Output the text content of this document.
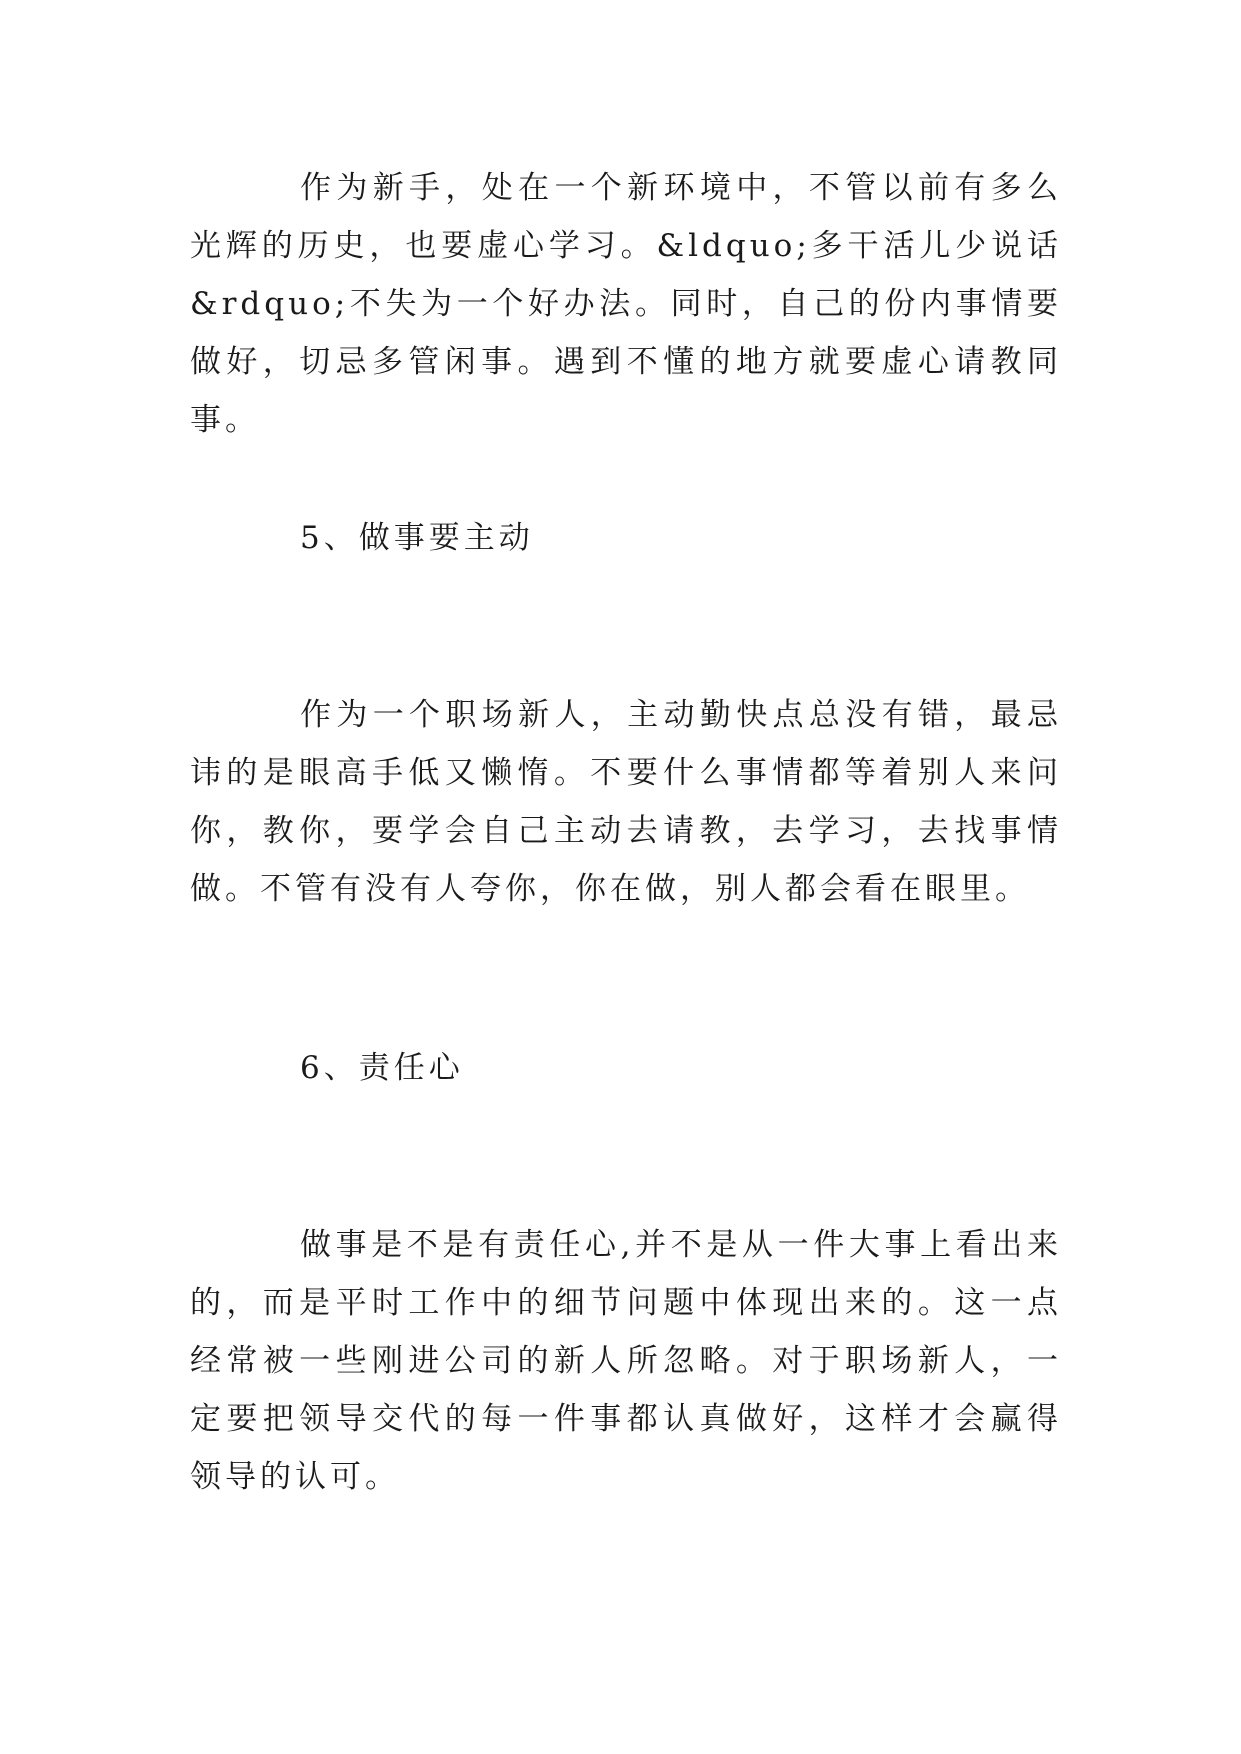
作为新手，处在一个新环境中，不管以前有多么光辉的历史，也要虚心学习。&ldquo;多干活儿少说话&rdquo;不失为一个好办法。同时，自己的份内事情要做好，切忌多管闲事。遇到不懂的地方就要虚心请教同事。

5、做事要主动

作为一个职场新人，主动勤快点总没有错，最忌讳的是眼高手低又懒惰。不要什么事情都等着别人来问你，教你，要学会自己主动去请教，去学习，去找事情做。不管有没有人夸你，你在做，别人都会看在眼里。

6、责任心

做事是不是有责任心,并不是从一件大事上看出来的，而是平时工作中的细节问题中体现出来的。这一点经常被一些刚进公司的新人所忽略。对于职场新人，一定要把领导交代的每一件事都认真做好，这样才会赢得领导的认可。
